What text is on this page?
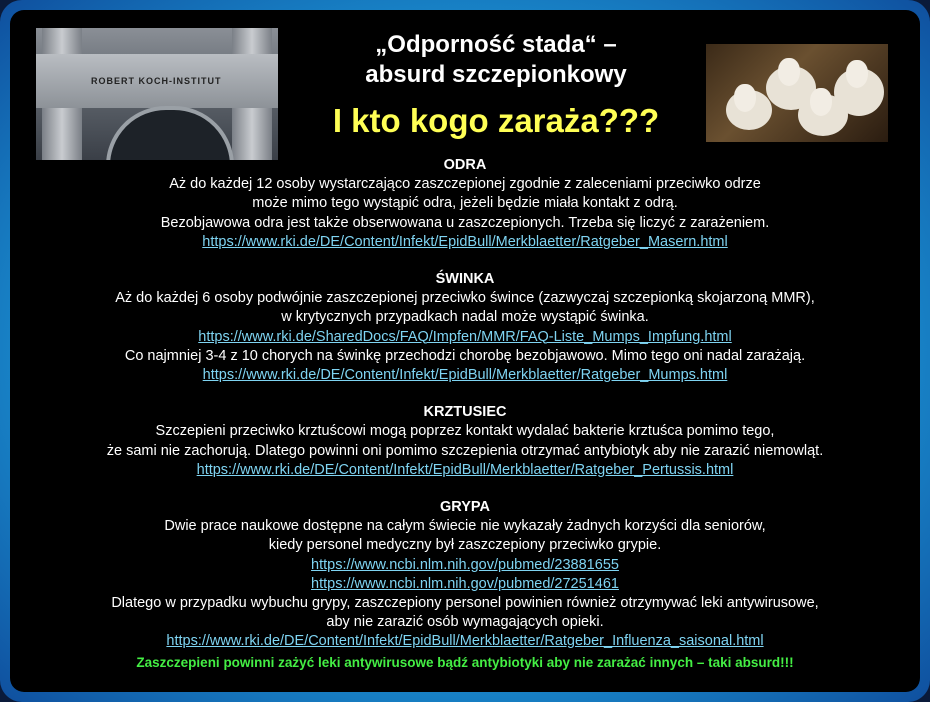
ROBERT KOCH-INSTITUT
„Odporność stada“ –
absurd szczepionkowy
I kto kogo zaraża???
ODRA
Aż do każdej 12 osoby wystarczająco zaszczepionej zgodnie z zaleceniami przeciwko odrze
może mimo tego wystąpić odra, jeżeli będzie miała kontakt z odrą.
Bezobjawowa odra jest także obserwowana u zaszczepionych. Trzeba się liczyć z zarażeniem.
https://www.rki.de/DE/Content/Infekt/EpidBull/Merkblaetter/Ratgeber_Masern.html
ŚWINKA
Aż do każdej 6 osoby podwójnie zaszczepionej przeciwko śwince (zazwyczaj szczepionką skojarzoną MMR),
w krytycznych przypadkach nadal może wystąpić świnka.
https://www.rki.de/SharedDocs/FAQ/Impfen/MMR/FAQ-Liste_Mumps_Impfung.html
Co najmniej 3-4 z 10 chorych na świnkę przechodzi chorobę bezobjawowo. Mimo tego oni nadal zarażają.
https://www.rki.de/DE/Content/Infekt/EpidBull/Merkblaetter/Ratgeber_Mumps.html
KRZTUSIEC
Szczepieni przeciwko krztuścowi mogą poprzez kontakt wydalać bakterie krztuśca pomimo tego,
że sami nie zachorują. Dlatego powinni oni pomimo szczepienia otrzymać antybiotyk aby nie zarazić niemowląt.
https://www.rki.de/DE/Content/Infekt/EpidBull/Merkblaetter/Ratgeber_Pertussis.html
GRYPA
Dwie prace naukowe dostępne na całym świecie nie wykazały żadnych korzyści dla seniorów,
kiedy personel medyczny był zaszczepiony przeciwko grypie.
https://www.ncbi.nlm.nih.gov/pubmed/23881655
https://www.ncbi.nlm.nih.gov/pubmed/27251461
Dlatego w przypadku wybuchu grypy, zaszczepiony personel powinien również otrzymywać leki antywirusowe,
aby nie zarazić osób wymagających opieki.
https://www.rki.de/DE/Content/Infekt/EpidBull/Merkblaetter/Ratgeber_Influenza_saisonal.html
Zaszczepieni powinni zażyć leki antywirusowe bądź antybiotyki aby nie zarażać innych – taki absurd!!!
